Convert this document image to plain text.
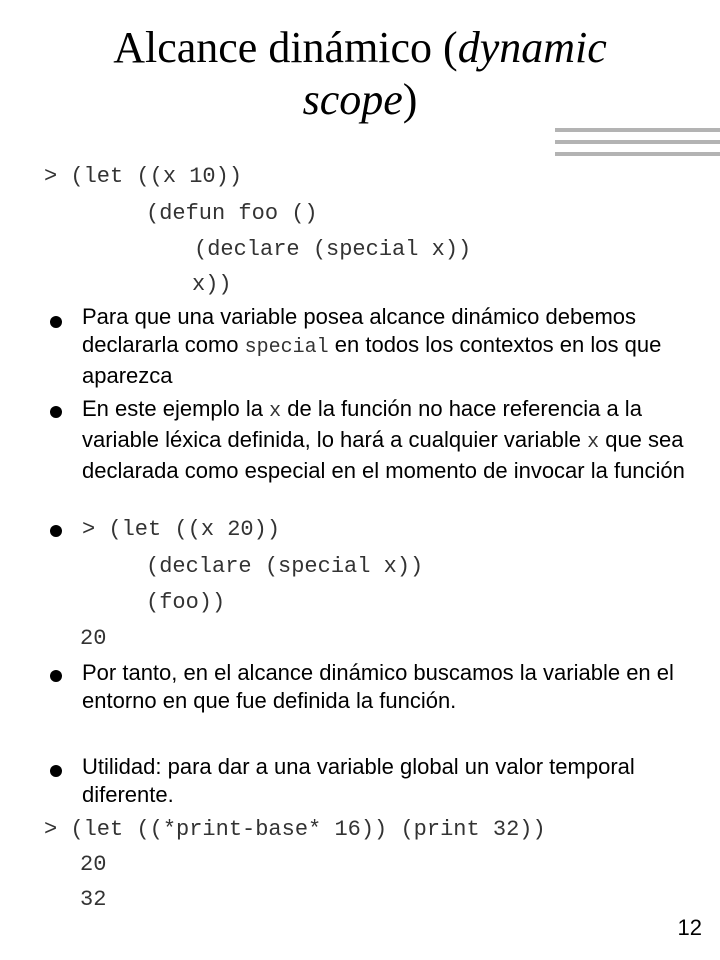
Alcance dinámico (dynamic
scope)
> (let ((x 10))
(defun foo ()
(declare (special x))
x))
Para que una variable posea alcance dinámico debemos declararla como special en todos los contextos en los que aparezca
En este ejemplo la x de la función no hace referencia a la variable léxica definida, lo hará a cualquier variable x que sea declarada como especial en el momento de invocar la función
> (let ((x 20))
(declare (special x))
(foo))
20
Por tanto, en el alcance dinámico buscamos la variable en el entorno en que fue definida la función.
Utilidad: para dar a una variable global un valor temporal diferente.
> (let ((*print-base* 16)) (print 32))
20
32
12
